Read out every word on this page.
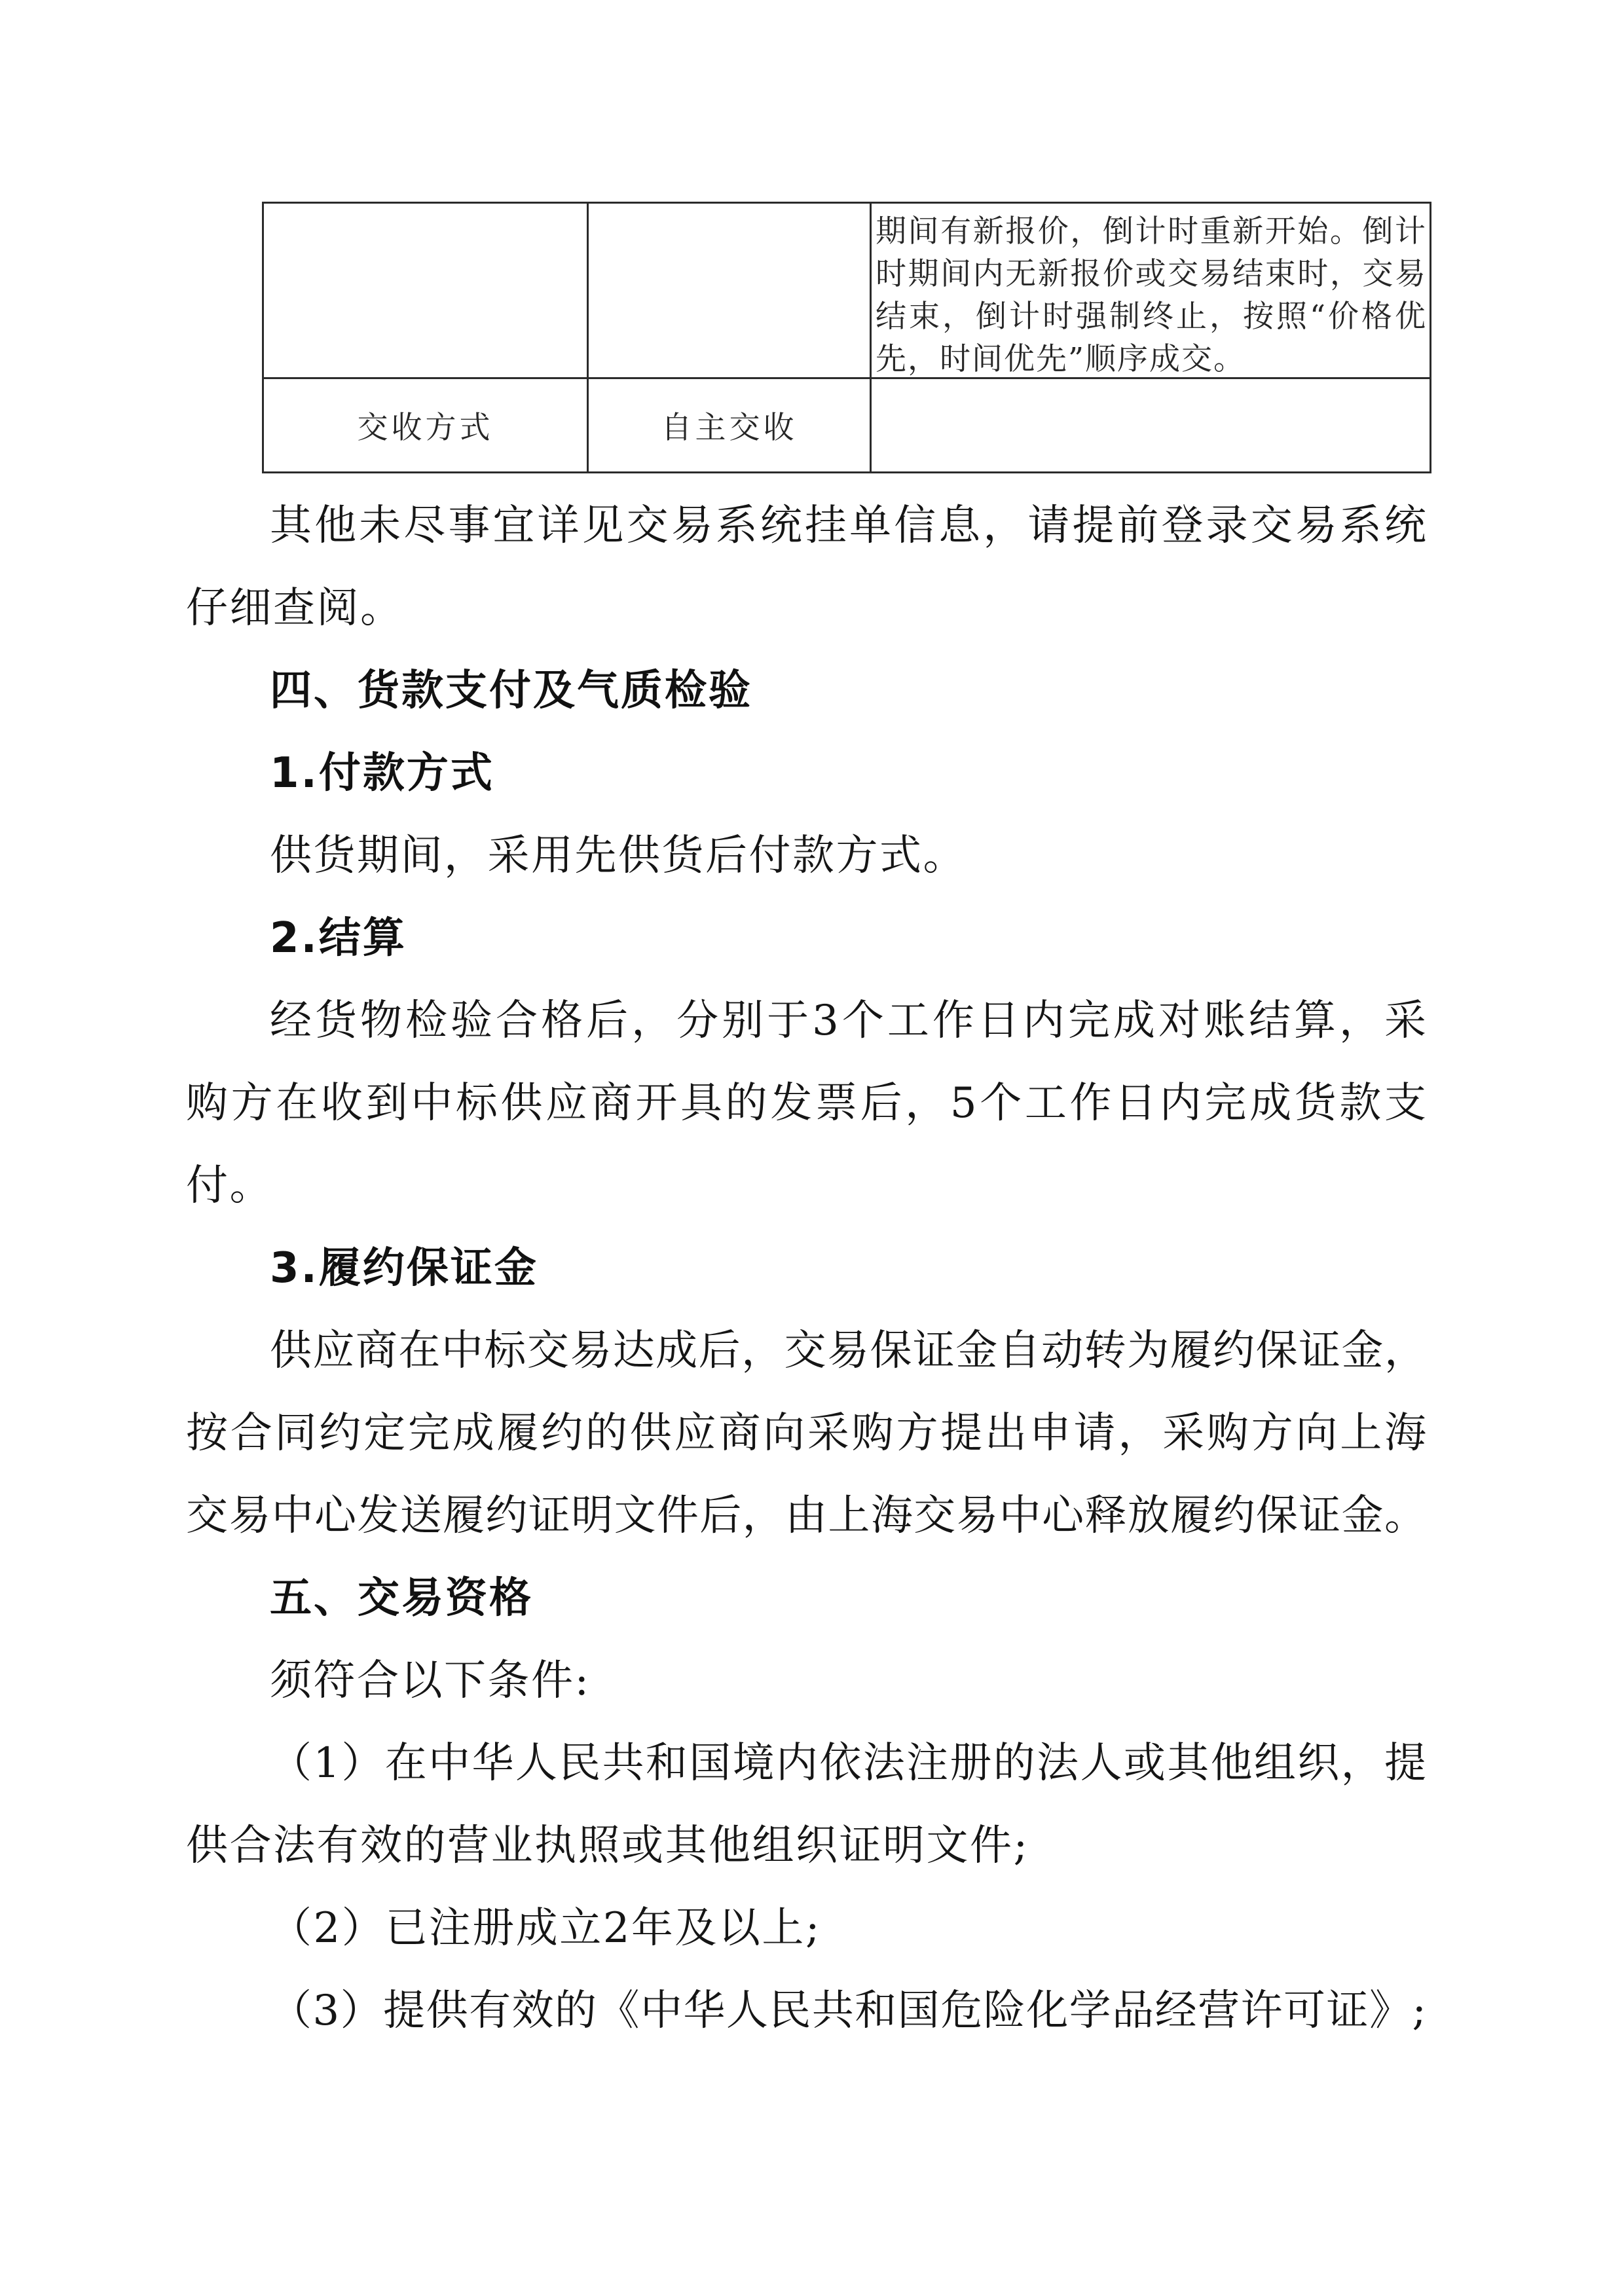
期间有新报价，倒计时重新开始。倒计
时期间内无新报价或交易结束时，交易
结束，倒计时强制终止，按照“价格优
先，时间优先”顺序成交。
交收方式	自主交收
其他未尽事宜详见交易系统挂单信息，请提前登录交易系统
仔细查阅。
四、货款支付及气质检验
1.付款方式
供货期间，采用先供货后付款方式。
2.结算
经货物检验合格后，分别于3个工作日内完成对账结算，采
购方在收到中标供应商开具的发票后，5个工作日内完成货款支
付。
3.履约保证金
供应商在中标交易达成后，交易保证金自动转为履约保证金，
按合同约定完成履约的供应商向采购方提出申请，采购方向上海
交易中心发送履约证明文件后，由上海交易中心释放履约保证金。
五、交易资格
须符合以下条件:
（1）在中华人民共和国境内依法注册的法人或其他组织，提
供合法有效的营业执照或其他组织证明文件;
（2）已注册成立2年及以上;
（3）提供有效的《中华人民共和国危险化学品经营许可证》;
